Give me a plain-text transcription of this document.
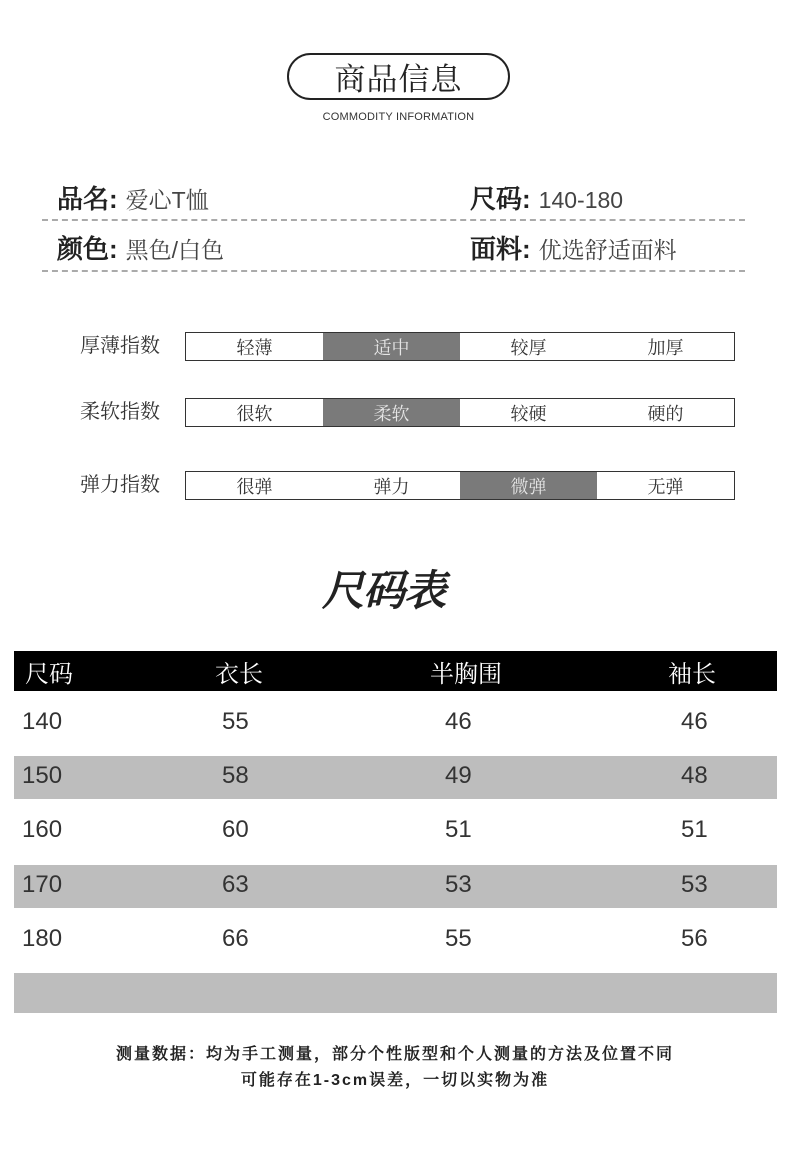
商品信息
COMMODITY INFORMATION
品名: 爱心T恤	尺码: 140-180
颜色: 黑色/白色	面料: 优选舒适面料
厚薄指数	轻薄	适中	较厚	加厚
柔软指数	很软	柔软	较硬	硬的
弹力指数	很弹	弹力	微弹	无弹
尺码表
尺码	衣长	半胸围	袖长
140	55	46	46
150	58	49	48
160	60	51	51
170	63	53	53
180	66	55	56
测量数据：均为手工测量，部分个性版型和个人测量的方法及位置不同
可能存在1-3cm误差，一切以实物为准
